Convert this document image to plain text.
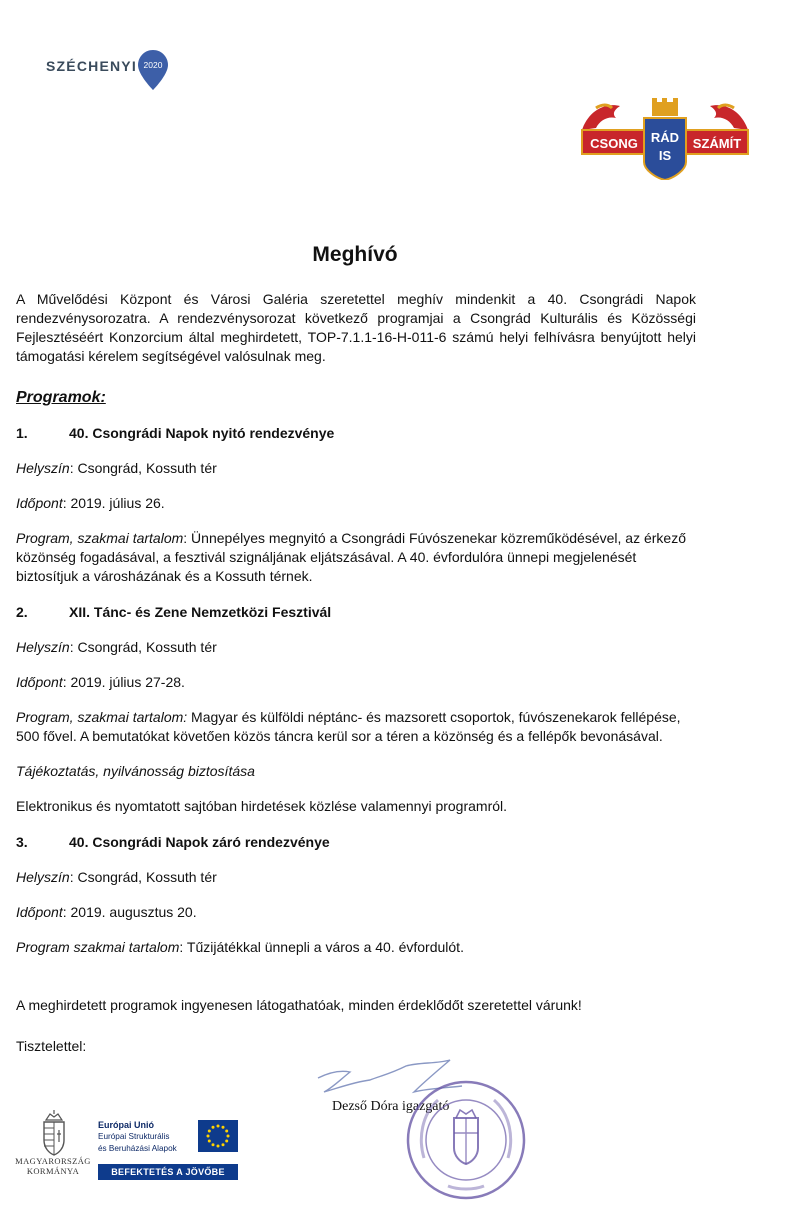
SZÉCHENYI 2020
CSONG RÁD
IS
SZÁMÍT
Meghívó

A Művelődési Központ és Városi Galéria szeretettel meghív mindenkit a 40. Csongrádi Napok rendezvénysorozatra. A rendezvénysorozat következő programjai a Csongrád Kulturális és Közösségi Fejlesztéséért Konzorcium által meghirdetett, TOP-7.1.1-16-H-011-6 számú helyi felhívásra benyújtott helyi támogatási kérelem segítségével valósulnak meg.

Programok:

1.	40. Csongrádi Napok nyitó rendezvénye

Helyszín: Csongrád, Kossuth tér

Időpont: 2019. július 26.

Program, szakmai tartalom: Ünnepélyes megnyitó a Csongrádi Fúvószenekar közreműködésével, az érkező közönség fogadásával, a fesztivál szignáljának eljátszásával. A 40. évfordulóra ünnepi megjelenését biztosítjuk a városházának és a Kossuth térnek.

2.	XII. Tánc- és Zene Nemzetközi Fesztivál

Helyszín: Csongrád, Kossuth tér

Időpont: 2019. július 27-28.

Program, szakmai tartalom: Magyar és külföldi néptánc- és mazsorett csoportok, fúvószenekarok fellépése, 500 fővel. A bemutatókat követően közös táncra kerül sor a téren a közönség és a fellépők bevonásával.

Tájékoztatás, nyilvánosság biztosítása

Elektronikus és nyomtatott sajtóban hirdetések közlése valamennyi programról.

3.	40. Csongrádi Napok záró rendezvénye

Helyszín: Csongrád, Kossuth tér

Időpont: 2019. augusztus 20.

Program szakmai tartalom: Tűzijátékkal ünnepli a város a 40. évfordulót.

A meghirdetett programok ingyenesen látogathatóak, minden érdeklődőt szeretettel várunk!
Tisztelettel:
Dezső Dóra igazgató
MAGYARORSZÁG
KORMÁNYA
Európai Unió
Európai Strukturális
és Beruházási Alapok
BEFEKTETÉS A JÖVŐBE
